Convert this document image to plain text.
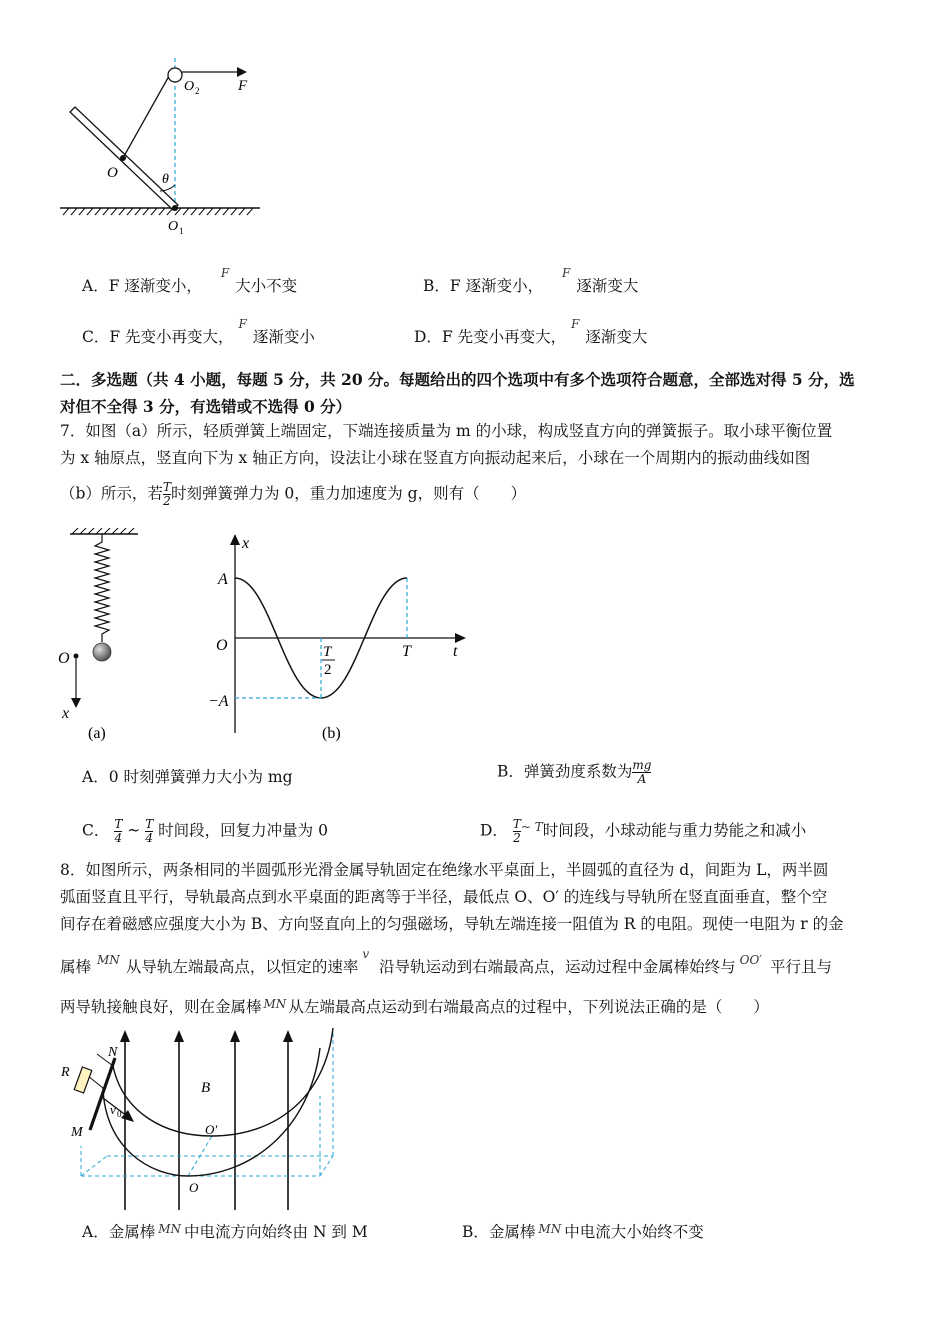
O 2	F
O	θ
O 1
A．F 逐渐变小， $^F$大小不变	B．F 逐渐变小， $^F$逐渐变大
C．F 先变小再变大， $^F$逐渐变小	D．F 先变小再变大， $^F$逐渐变大
二．多选题（共 4 小题，每题 5 分，共 20 分。每题给出的四个选项中有多个选项符合题意，全部选对得 5 分，选
对但不全得 3 分，有选错或不选得 0 分）
7．如图（a）所示，轻质弹簧上端固定，下端连接质量为 m 的小球，构成竖直方向的弹簧振子。取小球平衡位置
为 x 轴原点，竖直向下为 x 轴正方向，设法让小球在竖直方向振动起来后，小球在一个周期内的振动曲线如图
（b）所示，若 $\frac{T}{2}$ 时刻弹簧弹力为 0，重力加速度为 g，则有（　　）
O
x
(a)
x
A
O
−A
T
2
T	t
(b)
A．0 时刻弹簧弹力大小为 mg	B．弹簧劲度系数为 $\frac{mg}{A}$
C． $\frac{T}{4}$ ~ $\frac{T}{4}$ 时间段，回复力冲量为 0	D． $\frac{T}{2} ^{\sim T}$时间段，小球动能与重力势能之和减小
8．如图所示，两条相同的半圆弧形光滑金属导轨固定在绝缘水平桌面上，半圆弧的直径为 d，间距为 L，两半圆
弧面竖直且平行，导轨最高点到水平桌面的距离等于半径，最低点 O、O′ 的连线与导轨所在竖直面垂直，整个空
间存在着磁感应强度大小为 B、方向竖直向上的匀强磁场，导轨左端连接一阻值为 R 的电阻。现使一电阻为 r 的金
属棒 $^{MN}$ 从导轨左端最高点，以恒定的速率$^v$沿导轨运动到右端最高点，运动过程中金属棒始终与 $^{OO'}$ 平行且与
两导轨接触良好，则在金属棒 $^{MN}$ 从左端最高点运动到右端最高点的过程中，下列说法正确的是（　　）
N
R
B
v 0
M	O′
O
A．金属棒 $^{MN}$ 中电流方向始终由 N 到 M	B．金属棒 $^{MN}$ 中电流大小始终不变
